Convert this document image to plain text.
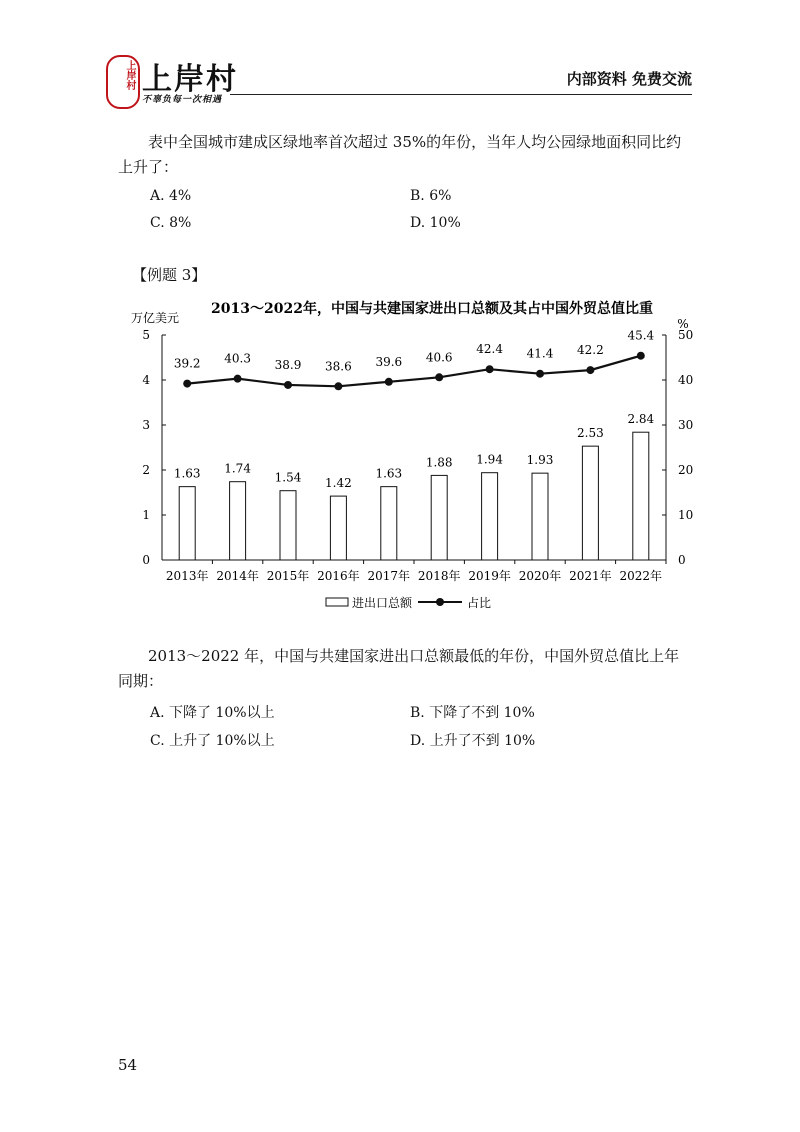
上岸村 上岸村
不辜负每一次相遇
内部资料 免费交流
表中全国城市建成区绿地率首次超过 35%的年份，当年人均公园绿地面积同比约上升了：
A. 4%	B. 6%
C. 8%	D. 10%
【例题 3】
2013～2022年，中国与共建国家进出口总额及其占中国外贸总值比重
万亿美元	%
0
1
2
3
4
5
0
10
20
30
40
50
1.63
2013年
1.74
2014年
1.54
2015年
1.42
2016年
1.63
2017年
1.88
2018年
1.94
2019年
1.93
2020年
2.53
2021年
2.84
2022年
39.2 40.3 38.9 38.6 39.6 40.6
42.4 41.4 42.2
45.4
进出口总额	占比
2013～2022 年，中国与共建国家进出口总额最低的年份，中国外贸总值比上年同期：
A. 下降了 10%以上	B. 下降了不到 10%
C. 上升了 10%以上	D. 上升了不到 10%
54
